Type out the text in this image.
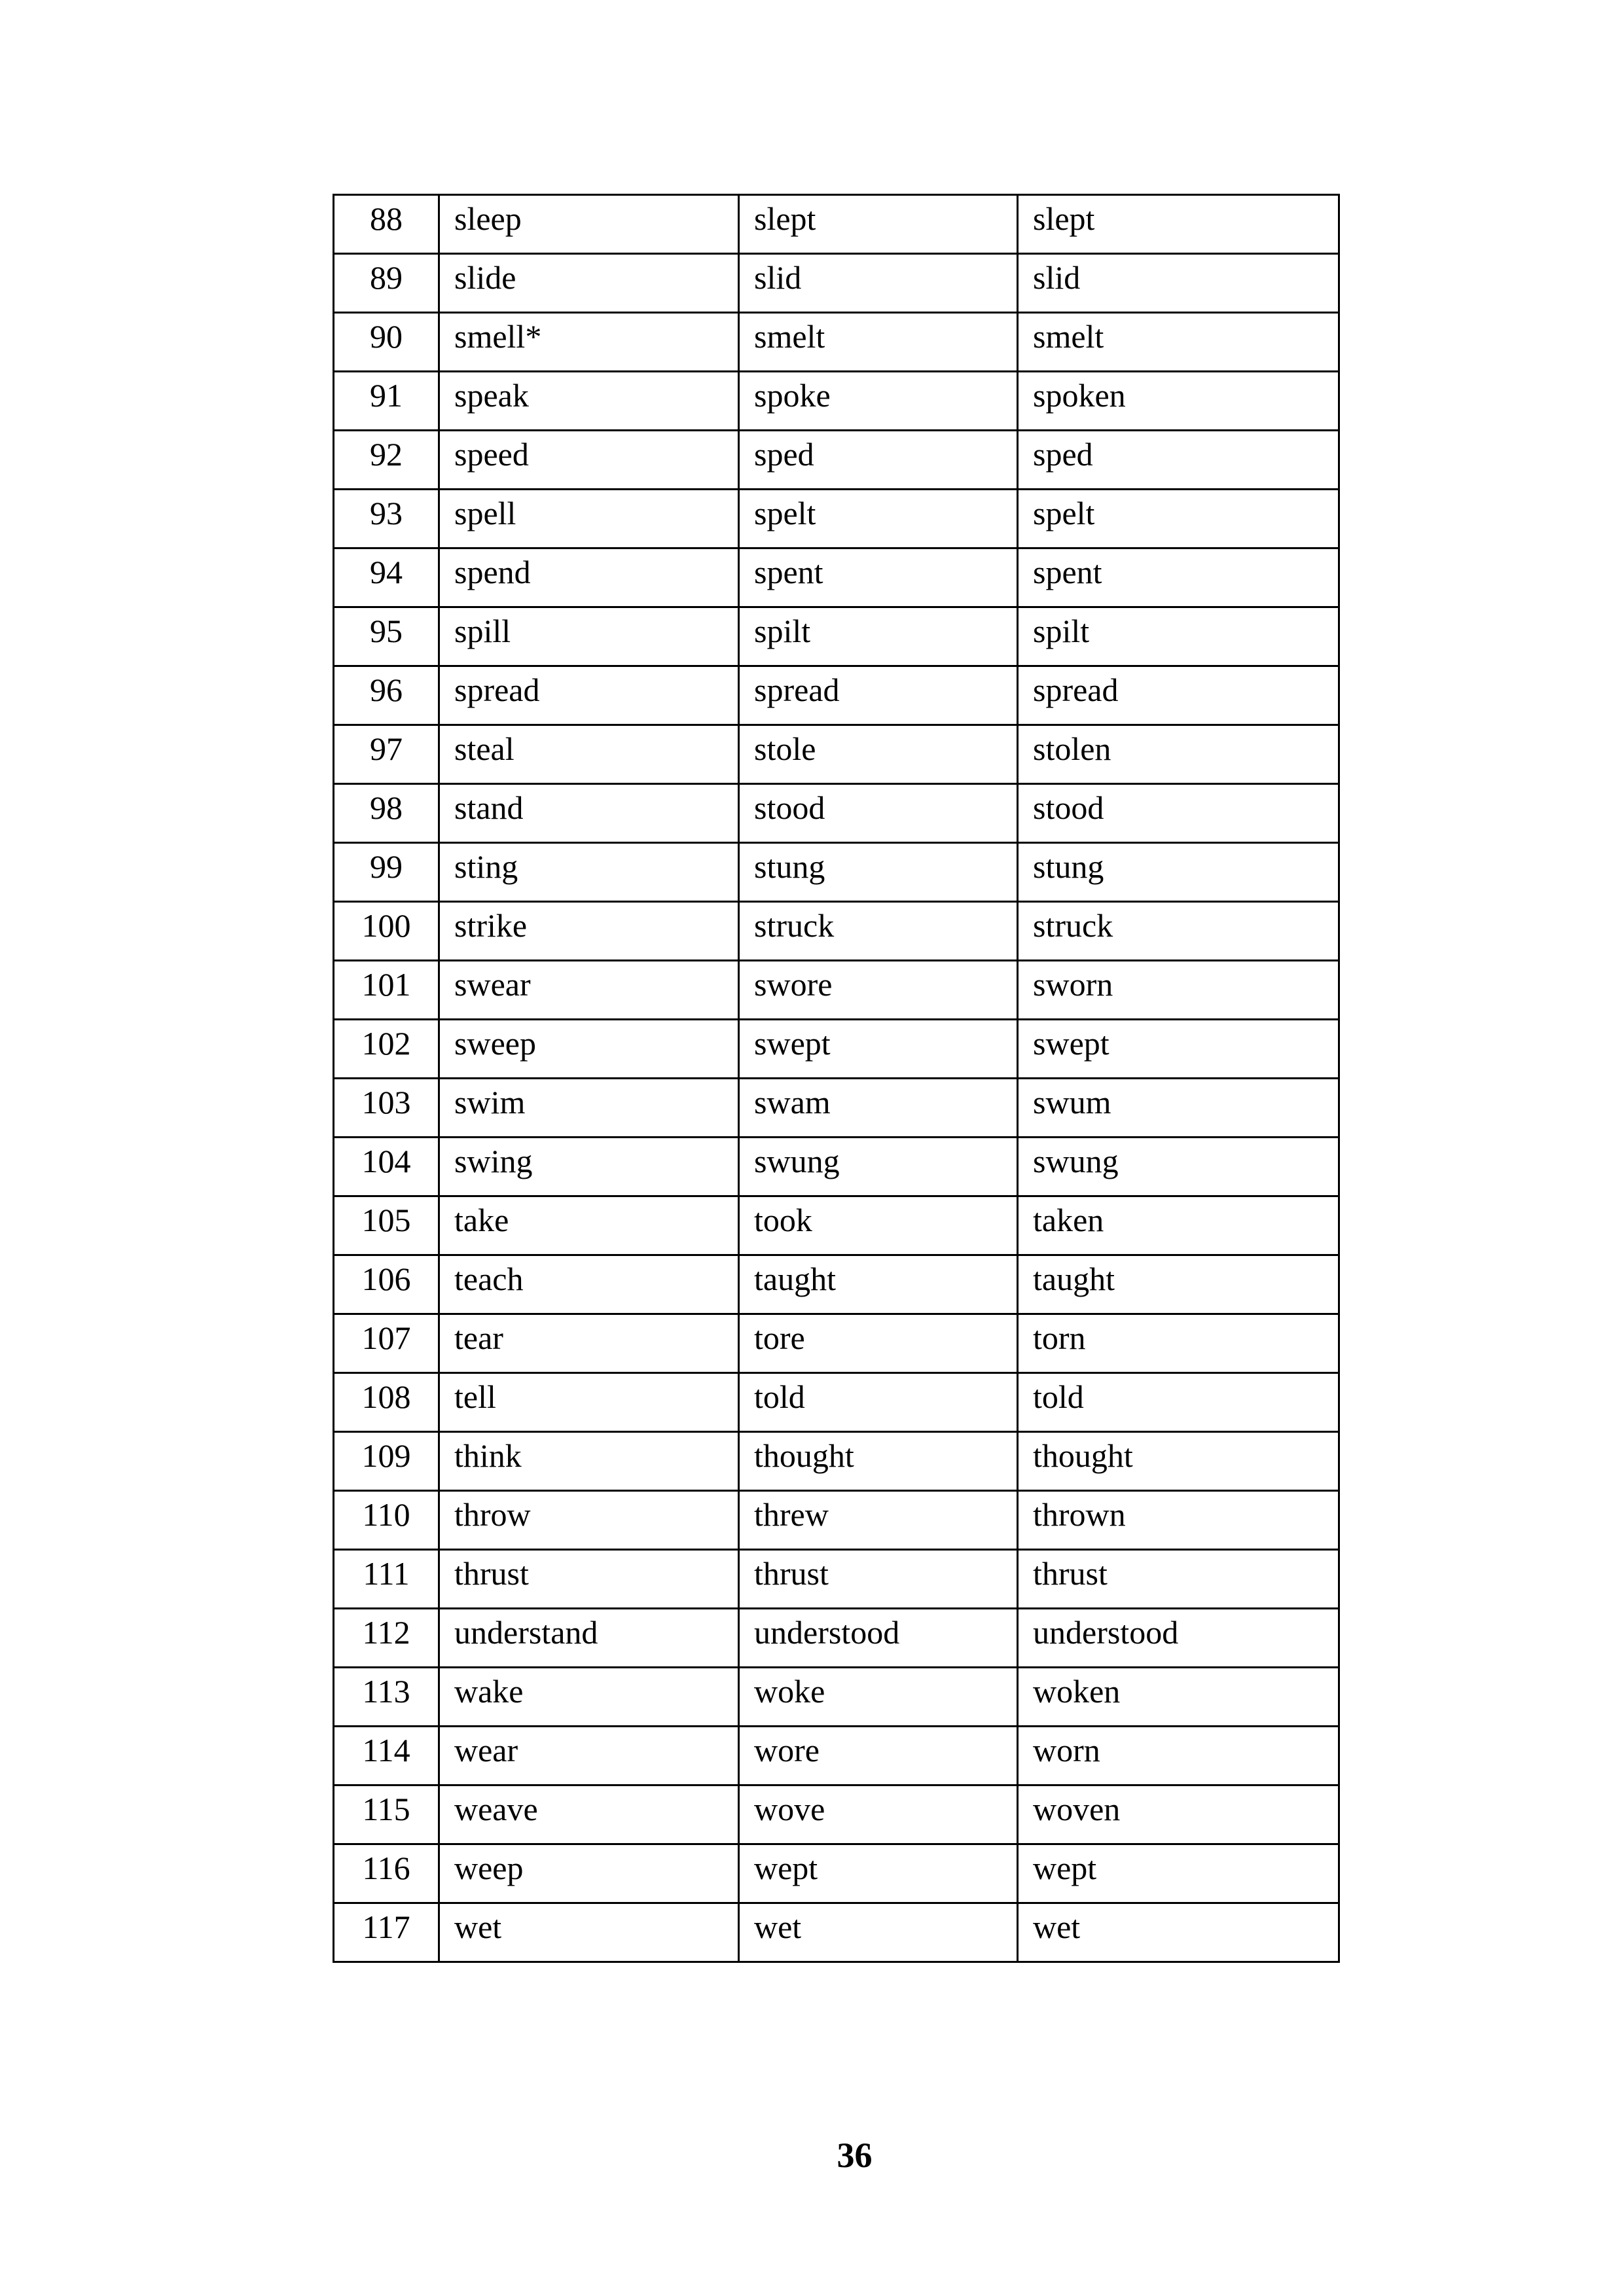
88	sleep	slept	slept
89	slide	slid	slid
90	smell*	smelt	smelt
91	speak	spoke	spoken
92	speed	sped	sped
93	spell	spelt	spelt
94	spend	spent	spent
95	spill	spilt	spilt
96	spread	spread	spread
97	steal	stole	stolen
98	stand	stood	stood
99	sting	stung	stung
100	strike	struck	struck
101	swear	swore	sworn
102	sweep	swept	swept
103	swim	swam	swum
104	swing	swung	swung
105	take	took	taken
106	teach	taught	taught
107	tear	tore	torn
108	tell	told	told
109	think	thought	thought
110	throw	threw	thrown
111	thrust	thrust	thrust
112	understand	understood	understood
113	wake	woke	woken
114	wear	wore	worn
115	weave	wove	woven
116	weep	wept	wept
117	wet	wet	wet
36
